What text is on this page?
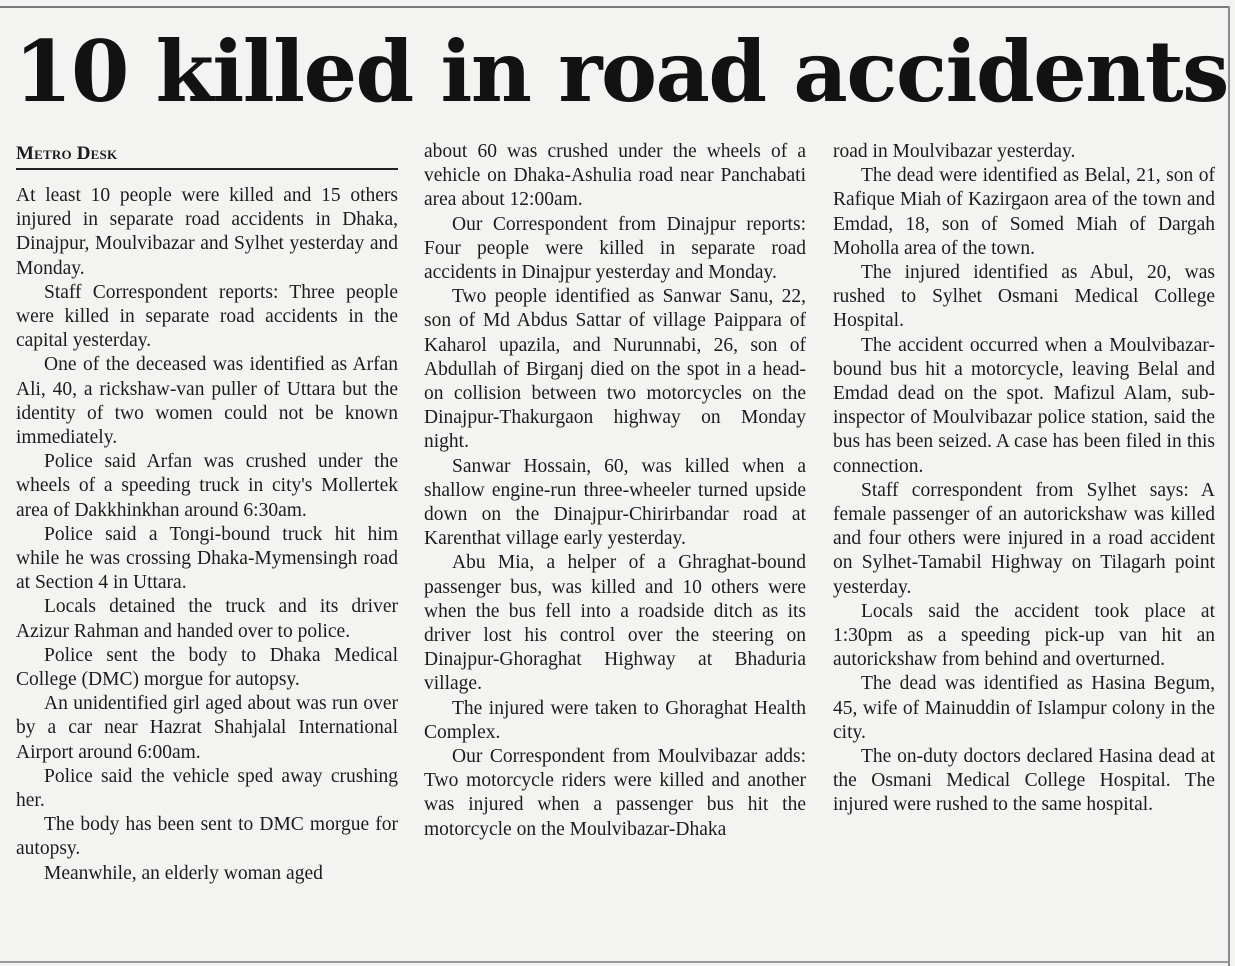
10 killed in road accidents
Metro Desk

At least 10 people were killed and 15 others injured in separate road accidents in Dhaka, Dinajpur, Moulvibazar and Sylhet yesterday and Monday.

Staff Correspondent reports: Three people were killed in separate road accidents in the capital yesterday.

One of the deceased was identified as Arfan Ali, 40, a rickshaw-van puller of Uttara but the identity of two women could not be known immediately.

Police said Arfan was crushed under the wheels of a speeding truck in city's Mollertek area of Dakkhinkhan around 6:30am.

Police said a Tongi-bound truck hit him while he was crossing Dhaka-Mymensingh road at Section 4 in Uttara.

Locals detained the truck and its driver Azizur Rahman and handed over to police.

Police sent the body to Dhaka Medical College (DMC) morgue for autopsy.

An unidentified girl aged about was run over by a car near Hazrat Shahjalal International Airport around 6:00am.

Police said the vehicle sped away crushing her.

The body has been sent to DMC morgue for autopsy.

Meanwhile, an elderly woman aged

about 60 was crushed under the wheels of a vehicle on Dhaka-Ashulia road near Panchabati area about 12:00am.

Our Correspondent from Dinajpur reports: Four people were killed in separate road accidents in Dinajpur yesterday and Monday.

Two people identified as Sanwar Sanu, 22, son of Md Abdus Sattar of village Paippara of Kaharol upazila, and Nurunnabi, 26, son of Abdullah of Birganj died on the spot in a head-on collision between two motorcycles on the Dinajpur-Thakurgaon highway on Monday night.

Sanwar Hossain, 60, was killed when a shallow engine-run three-wheeler turned upside down on the Dinajpur-Chirirbandar road at Karenthat village early yesterday.

Abu Mia, a helper of a Ghraghat-bound passenger bus, was killed and 10 others were when the bus fell into a roadside ditch as its driver lost his control over the steering on Dinajpur-Ghoraghat Highway at Bhaduria village.

The injured were taken to Ghoraghat Health Complex.

Our Correspondent from Moulvibazar adds: Two motorcycle riders were killed and another was injured when a passenger bus hit the motorcycle on the Moulvibazar-Dhaka

road in Moulvibazar yesterday.

The dead were identified as Belal, 21, son of Rafique Miah of Kazirgaon area of the town and Emdad, 18, son of Somed Miah of Dargah Moholla area of the town.

The injured identified as Abul, 20, was rushed to Sylhet Osmani Medical College Hospital.

The accident occurred when a Moulvibazar-bound bus hit a motorcycle, leaving Belal and Emdad dead on the spot. Mafizul Alam, sub-inspector of Moulvibazar police station, said the bus has been seized. A case has been filed in this connection.

Staff correspondent from Sylhet says: A female passenger of an autorickshaw was killed and four others were injured in a road accident on Sylhet-Tamabil Highway on Tilagarh point yesterday.

Locals said the accident took place at 1:30pm as a speeding pick-up van hit an autorickshaw from behind and overturned.

The dead was identified as Hasina Begum, 45, wife of Mainuddin of Islampur colony in the city.

The on-duty doctors declared Hasina dead at the Osmani Medical College Hospital. The injured were rushed to the same hospital.
